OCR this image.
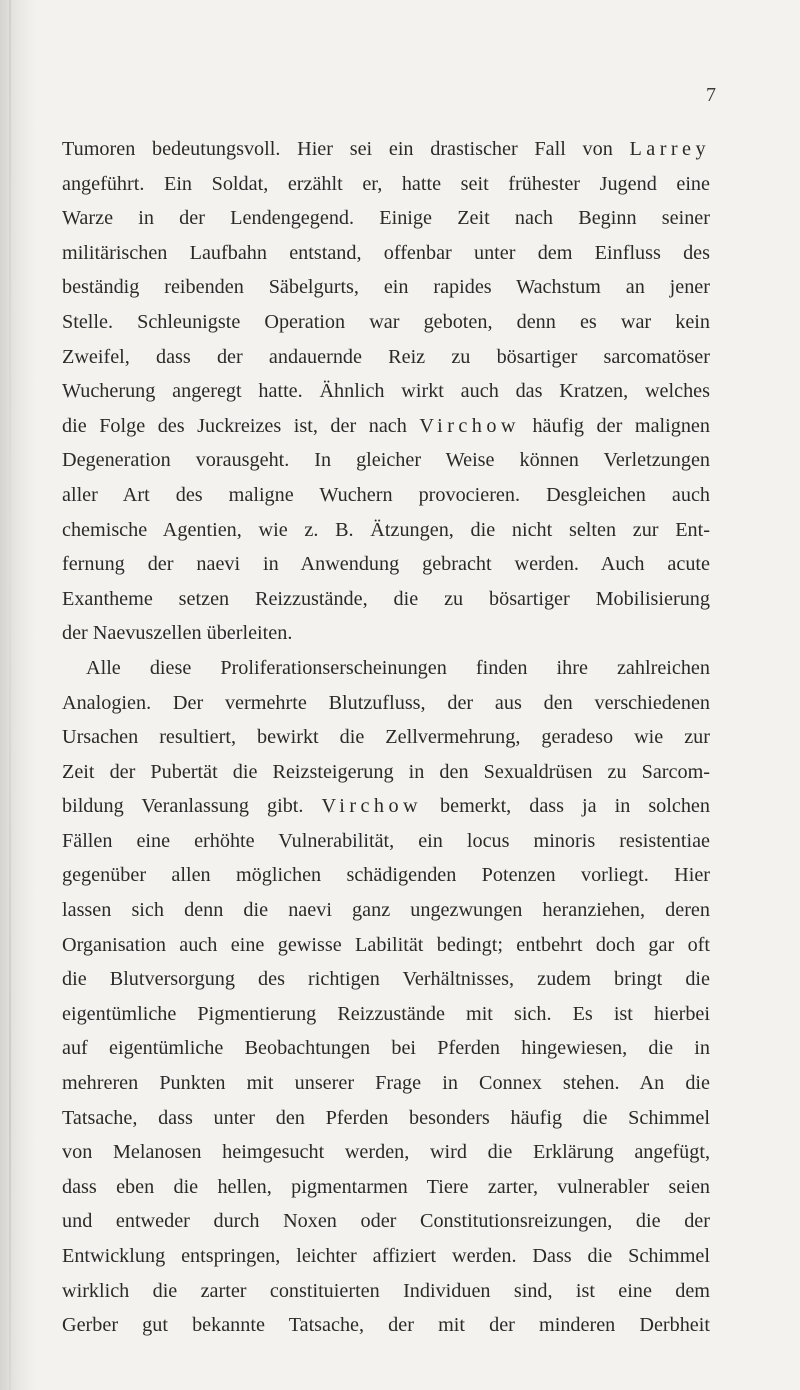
7
Tumoren bedeutungsvoll. Hier sei ein drastischer Fall von Larrey
angeführt. Ein Soldat, erzählt er, hatte seit frühester Jugend eine
Warze in der Lendengegend. Einige Zeit nach Beginn seiner
militärischen Laufbahn entstand, offenbar unter dem Einfluss des
beständig reibenden Säbelgurts, ein rapides Wachstum an jener
Stelle. Schleunigste Operation war geboten, denn es war kein
Zweifel, dass der andauernde Reiz zu bösartiger sarcomatöser
Wucherung angeregt hatte. Ähnlich wirkt auch das Kratzen, welches
die Folge des Juckreizes ist, der nach Virchow häufig der malignen
Degeneration vorausgeht. In gleicher Weise können Verletzungen
aller Art des maligne Wuchern provocieren. Desgleichen auch
chemische Agentien, wie z. B. Ätzungen, die nicht selten zur Ent-
fernung der naevi in Anwendung gebracht werden. Auch acute
Exantheme setzen Reizzustände, die zu bösartiger Mobilisierung
der Naevuszellen überleiten.
Alle diese Proliferationserscheinungen finden ihre zahlreichen
Analogien. Der vermehrte Blutzufluss, der aus den verschiedenen
Ursachen resultiert, bewirkt die Zellvermehrung, geradeso wie zur
Zeit der Pubertät die Reizsteigerung in den Sexualdrüsen zu Sarcom-
bildung Veranlassung gibt. Virchow bemerkt, dass ja in solchen
Fällen eine erhöhte Vulnerabilität, ein locus minoris resistentiae
gegenüber allen möglichen schädigenden Potenzen vorliegt. Hier
lassen sich denn die naevi ganz ungezwungen heranziehen, deren
Organisation auch eine gewisse Labilität bedingt; entbehrt doch gar oft
die Blutversorgung des richtigen Verhältnisses, zudem bringt die
eigentümliche Pigmentierung Reizzustände mit sich. Es ist hierbei
auf eigentümliche Beobachtungen bei Pferden hingewiesen, die in
mehreren Punkten mit unserer Frage in Connex stehen. An die
Tatsache, dass unter den Pferden besonders häufig die Schimmel
von Melanosen heimgesucht werden, wird die Erklärung angefügt,
dass eben die hellen, pigmentarmen Tiere zarter, vulnerabler seien
und entweder durch Noxen oder Constitutionsreizungen, die der
Entwicklung entspringen, leichter affiziert werden. Dass die Schimmel
wirklich die zarter constituierten Individuen sind, ist eine dem
Gerber gut bekannte Tatsache, der mit der minderen Derbheit
